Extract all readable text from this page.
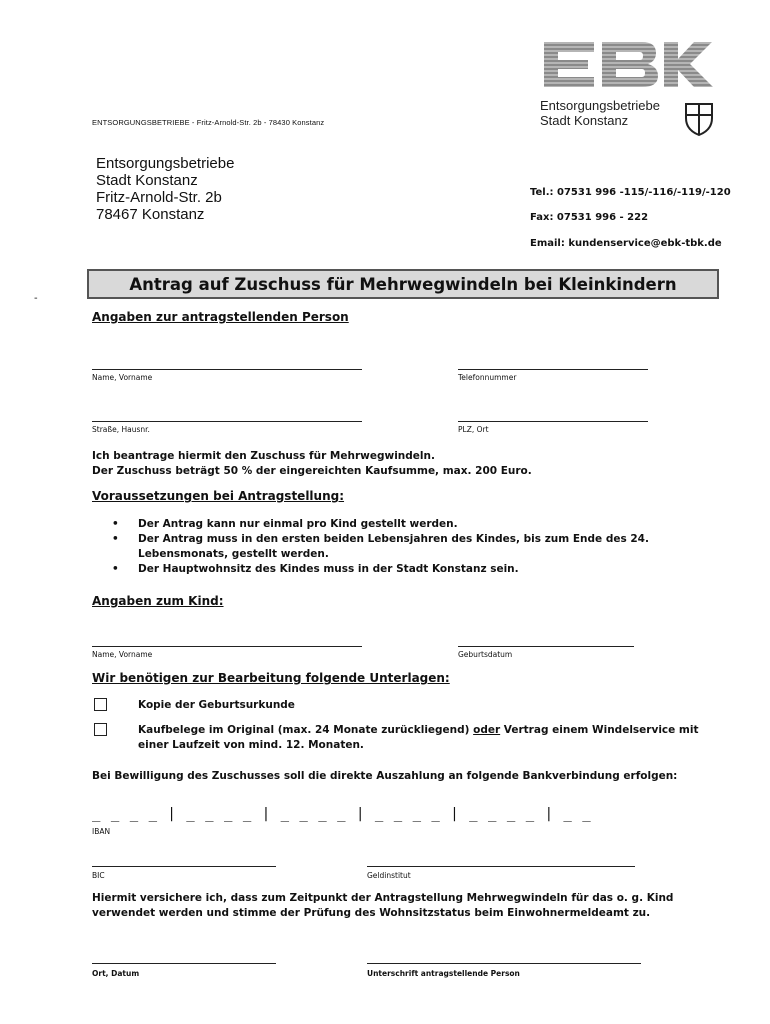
ENTSORGUNGSBETRIEBE - Fritz-Arnold-Str. 2b - 78430 Konstanz
Entsorgungsbetriebe
Stadt Konstanz
Entsorgungsbetriebe
Stadt Konstanz
Fritz-Arnold-Str. 2b
78467 Konstanz
Tel.: 07531 996 -115/-116/-119/-120
Fax: 07531 996 - 222
Email: kundenservice@ebk-tbk.de
Antrag auf Zuschuss für Mehrwegwindeln bei Kleinkindern
-
Angaben zur antragstellenden Person
Name, Vorname	Telefonnummer
Straße, Hausnr.	PLZ, Ort
Ich beantrage hiermit den Zuschuss für Mehrwegwindeln.
Der Zuschuss beträgt 50 % der eingereichten Kaufsumme, max. 200 Euro.
Voraussetzungen bei Antragstellung:
• Der Antrag kann nur einmal pro Kind gestellt werden.
• Der Antrag muss in den ersten beiden Lebensjahren des Kindes, bis zum Ende des 24. Lebensmonats, gestellt werden.
• Der Hauptwohnsitz des Kindes muss in der Stadt Konstanz sein.
Angaben zum Kind:
Name, Vorname	Geburtsdatum
Wir benötigen zur Bearbeitung folgende Unterlagen:
Kopie der Geburtsurkunde
Kaufbelege im Original (max. 24 Monate zurückliegend) oder Vertrag einem Windelservice mit einer Laufzeit von mind. 12. Monaten.
Bei Bewilligung des Zuschusses soll die direkte Auszahlung an folgende Bankverbindung erfolgen:
_ _ _ _ | _ _ _ _ | _ _ _ _ | _ _ _ _ | _ _ _ _ | _ _
IBAN
BIC	Geldinstitut
Hiermit versichere ich, dass zum Zeitpunkt der Antragstellung Mehrwegwindeln für das o. g. Kind verwendet werden und stimme der Prüfung des Wohnsitzstatus beim Einwohnermeldeamt zu.
Ort, Datum	Unterschrift antragstellende Person
